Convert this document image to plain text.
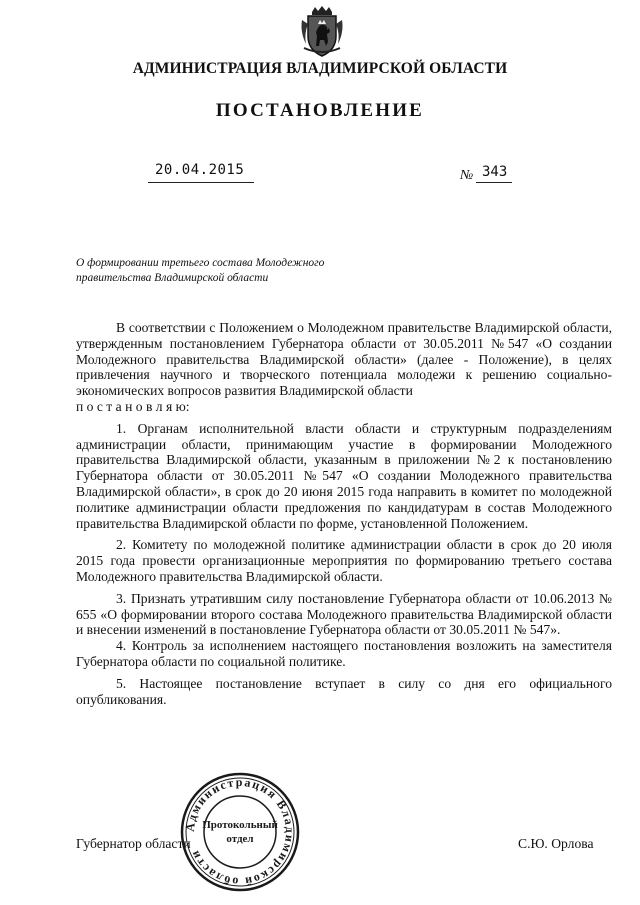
АДМИНИСТРАЦИЯ ВЛАДИМИРСКОЙ ОБЛАСТИ
ПОСТАНОВЛЕНИЕ
20.04.2015	№ 343
О формировании третьего состава Молодежного
правительства Владимирской области

В соответствии с Положением о Молодежном правительстве Владимирской области, утвержденным постановлением Губернатора области от 30.05.2011 №547 «О создании Молодежного правительства Владимирской области» (далее - Положение), в целях привлечения научного и творческого потенциала молодежи к решению социально-экономических вопросов развития Владимирской области

п о с т а н о в л я ю:

1. Органам исполнительной власти области и структурным подразделениям администрации области, принимающим участие в формировании Молодежного правительства Владимирской области, указанным в приложении №2 к постановлению Губернатора области от 30.05.2011 №547 «О создании Молодежного правительства Владимирской области», в срок до 20 июня 2015 года направить в комитет по молодежной политике администрации области предложения по кандидатурам в состав Молодежного правительства Владимирской области по форме, установленной Положением.

2. Комитету по молодежной политике администрации области в срок до 20 июля 2015 года провести организационные мероприятия по формированию третьего состава Молодежного правительства Владимирской области.

3. Признать утратившим силу постановление Губернатора области от 10.06.2013 № 655 «О формировании второго состава Молодежного правительства Владимирской области и внесении изменений в постановление Губернатора области от 30.05.2011 № 547».

4. Контроль за исполнением настоящего постановления возложить на заместителя Губернатора области по социальной политике.

5. Настоящее постановление вступает в силу со дня его официального опубликования.

Губернатор области	С.Ю. Орлова
Администрация Владимирской области
Протокольный
отдел
